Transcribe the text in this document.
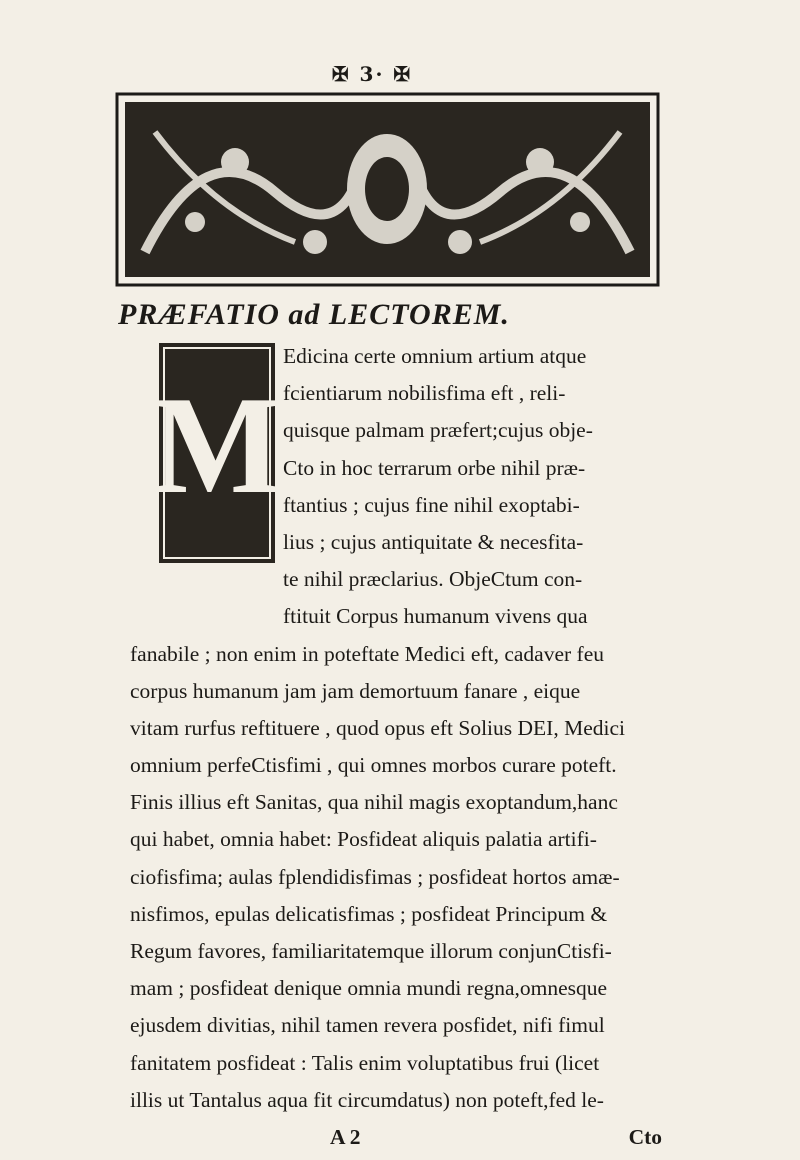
✠ 3· ✠
PRÆFATIO ad LECTOREM.
M
Edicina certe omnium artium atque
fcientiarum nobilisfima eft , reli-
quisque palmam præfert;cujus obje-
Cto in hoc terrarum orbe nihil præ-
ftantius ; cujus fine nihil exoptabi-
lius ; cujus antiquitate & necesfita-
te nihil præclarius. ObjeCtum con-
ftituit Corpus humanum vivens qua
fanabile ; non enim in poteftate Medici eft, cadaver feu
corpus humanum jam jam demortuum fanare , eique
vitam rurfus reftituere , quod opus eft Solius DEI, Medici
omnium perfeCtisfimi , qui omnes morbos curare poteft.
Finis illius eft Sanitas, qua nihil magis exoptandum,hanc
qui habet, omnia habet: Posfideat aliquis palatia artifi-
ciofisfima; aulas fplendidisfimas ; posfideat hortos amæ-
nisfimos, epulas delicatisfimas ; posfideat Principum &
Regum favores, familiaritatemque illorum conjunCtisfi-
mam ; posfideat denique omnia mundi regna,omnesque
ejusdem divitias, nihil tamen revera posfidet, nifi fimul
fanitatem posfideat : Talis enim voluptatibus frui (licet
illis ut Tantalus aqua fit circumdatus) non poteft,fed le-
A 2	Cto
